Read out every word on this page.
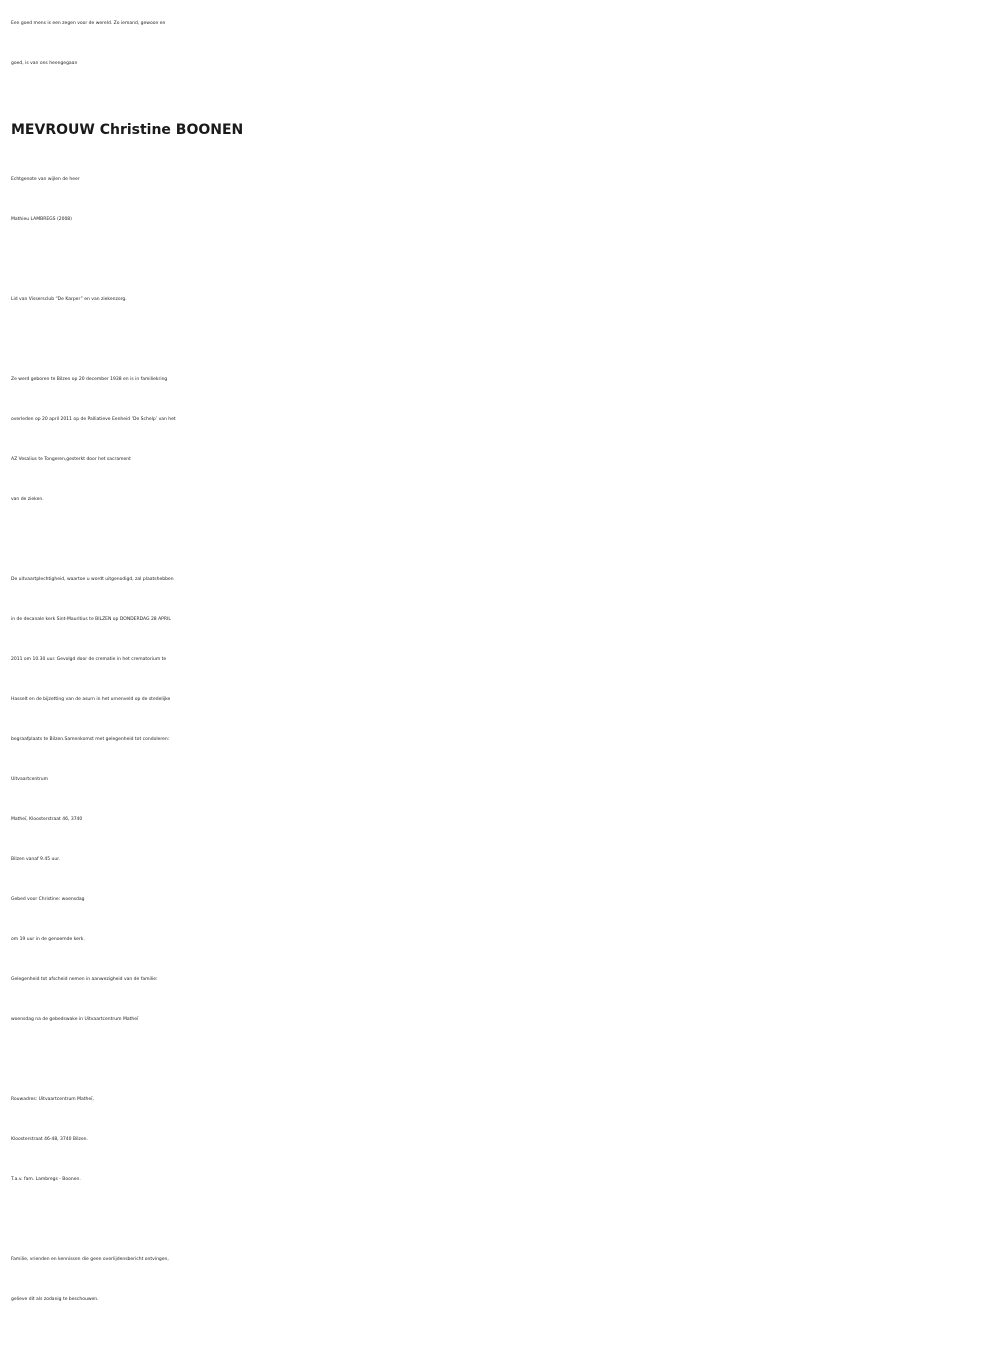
Een goed mens is een zegen voor de wereld. Zo iemand, gewoon en
goed, is van ons heengegaan
MEVROUW Christine BOONEN
Echtgenote van wijlen de heer
Mathieu LAMBREGS (2008)
Lid van Vissersclub “De Karper” en van ziekenzorg.
Ze werd geboren te Bilzen op 20 december 1938 en is in familiekring
overleden op 20 april 2011 op de Palliatieve Eenheid ‘De Schelp’ van het
AZ Vesalius te Tongeren,gesterkt door het sacrament
van de zieken.
De uitvaartplechtigheid, waartoe u wordt uitgenodigd, zal plaatshebben
in de decanale kerk Sint-Mauritius te BILZEN op DONDERDAG 28 APRIL
2011 om 10.30 uur. Gevolgd door de crematie in het crematorium te
Hasselt en de bijzetting van de asurn in het urnenveld op de stedelijke
begraafplaats te Bilzen.Samenkomst met gelegenheid tot condoleren:
Uitvaartcentrum
Matheï, Kloosterstraat 46, 3740
Bilzen vanaf 9.45 uur.
Gebed voor Christine: woensdag
om 19 uur in de genoemde kerk.
Gelegenheid tot afscheid nemen in aanwezigheid van de familie:
woensdag na de gebedswake in Uitvaartcentrum Matheï
Rouwadres: Uitvaartcentrum Matheï,
Kloosterstraat 46-48, 3740 Bilzen.
T.a.v. fam. Lambregs - Boonen.
Familie, vrienden en kennissen die geen overlijdensbericht ontvingen,
gelieve dit als zodanig te beschouwen.
